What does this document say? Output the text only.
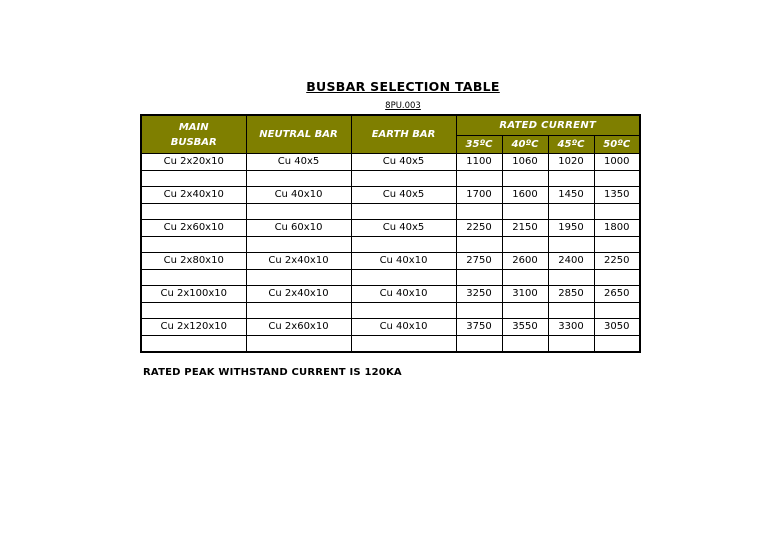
BUSBAR SELECTION TABLE
8PU.003
MAIN
BUSBAR	NEUTRAL BAR	EARTH BAR	RATED CURRENT			
			35ºC	40ºC	45ºC	50ºC
Cu 2x20x10	Cu 40x5	Cu 40x5	1100	1060	1020	1000

Cu 2x40x10	Cu 40x10	Cu 40x5	1700	1600	1450	1350

Cu 2x60x10	Cu 60x10	Cu 40x5	2250	2150	1950	1800

Cu 2x80x10	Cu 2x40x10	Cu 40x10	2750	2600	2400	2250

Cu 2x100x10	Cu 2x40x10	Cu 40x10	3250	3100	2850	2650

Cu 2x120x10	Cu 2x60x10	Cu 40x10	3750	3550	3300	3050

RATED PEAK WITHSTAND CURRENT IS 120KA
